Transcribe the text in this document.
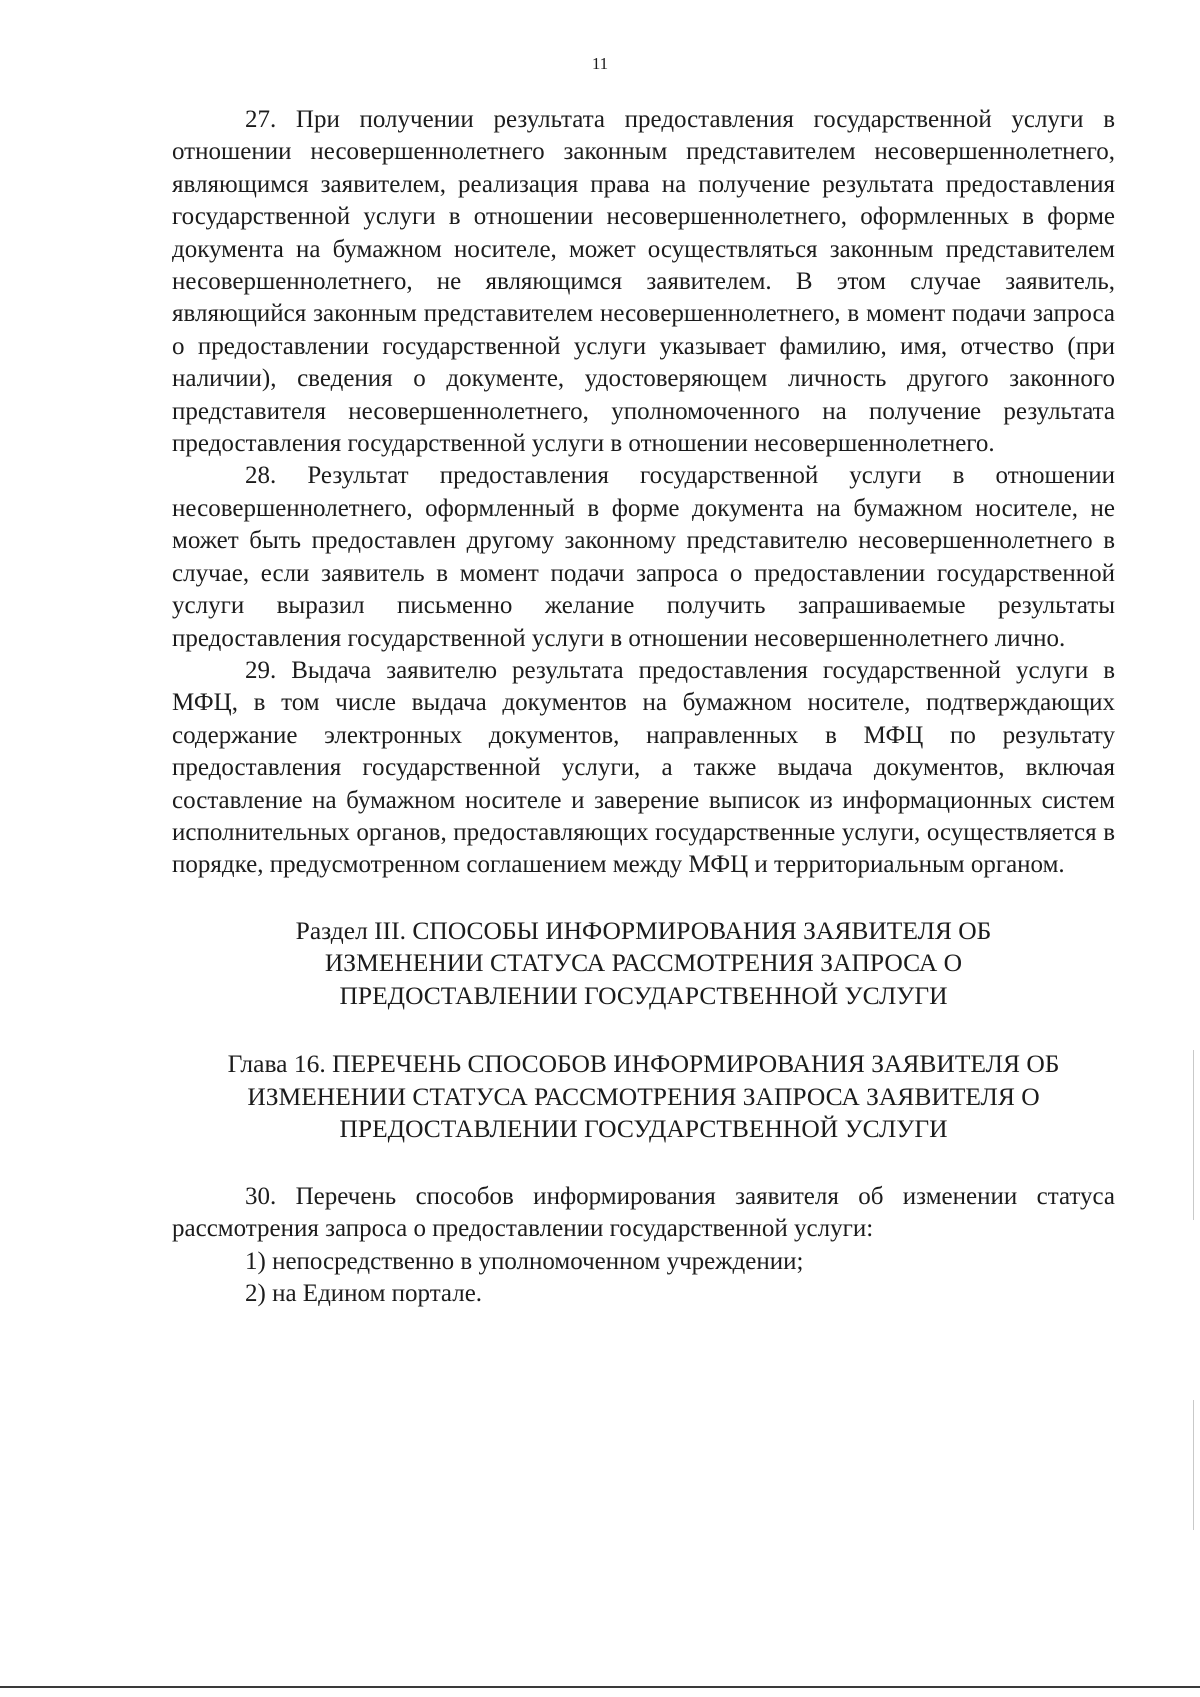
11

27. При получении результата предоставления государственной услуги в отношении несовершеннолетнего законным представителем несовершеннолетнего, являющимся заявителем, реализация права на получение результата предоставления государственной услуги в отношении несовершеннолетнего, оформленных в форме документа на бумажном носителе, может осуществляться законным представителем несовершеннолетнего, не являющимся заявителем. В этом случае заявитель, являющийся законным представителем несовершеннолетнего, в момент подачи запроса о предоставлении государственной услуги указывает фамилию, имя, отчество (при наличии), сведения о документе, удостоверяющем личность другого законного представителя несовершеннолетнего, уполномоченного на получение результата предоставления государственной услуги в отношении несовершеннолетнего.

28. Результат предоставления государственной услуги в отношении несовершеннолетнего, оформленный в форме документа на бумажном носителе, не может быть предоставлен другому законному представителю несовершеннолетнего в случае, если заявитель в момент подачи запроса о предоставлении государственной услуги выразил письменно желание получить запрашиваемые результаты предоставления государственной услуги в отношении несовершеннолетнего лично.

29. Выдача заявителю результата предоставления государственной услуги в МФЦ, в том числе выдача документов на бумажном носителе, подтверждающих содержание электронных документов, направленных в МФЦ по результату предоставления государственной услуги, а также выдача документов, включая составление на бумажном носителе и заверение выписок из информационных систем исполнительных органов, предоставляющих государственные услуги, осуществляется в порядке, предусмотренном соглашением между МФЦ и территориальным органом.

Раздел III. СПОСОБЫ ИНФОРМИРОВАНИЯ ЗАЯВИТЕЛЯ ОБ
ИЗМЕНЕНИИ СТАТУСА РАССМОТРЕНИЯ ЗАПРОСА О
ПРЕДОСТАВЛЕНИИ ГОСУДАРСТВЕННОЙ УСЛУГИ
Глава 16. ПЕРЕЧЕНЬ СПОСОБОВ ИНФОРМИРОВАНИЯ ЗАЯВИТЕЛЯ ОБ
ИЗМЕНЕНИИ СТАТУСА РАССМОТРЕНИЯ ЗАПРОСА ЗАЯВИТЕЛЯ О
ПРЕДОСТАВЛЕНИИ ГОСУДАРСТВЕННОЙ УСЛУГИ

30. Перечень способов информирования заявителя об изменении статуса рассмотрения запроса о предоставлении государственной услуги:

1) непосредственно в уполномоченном учреждении;

2) на Едином портале.
